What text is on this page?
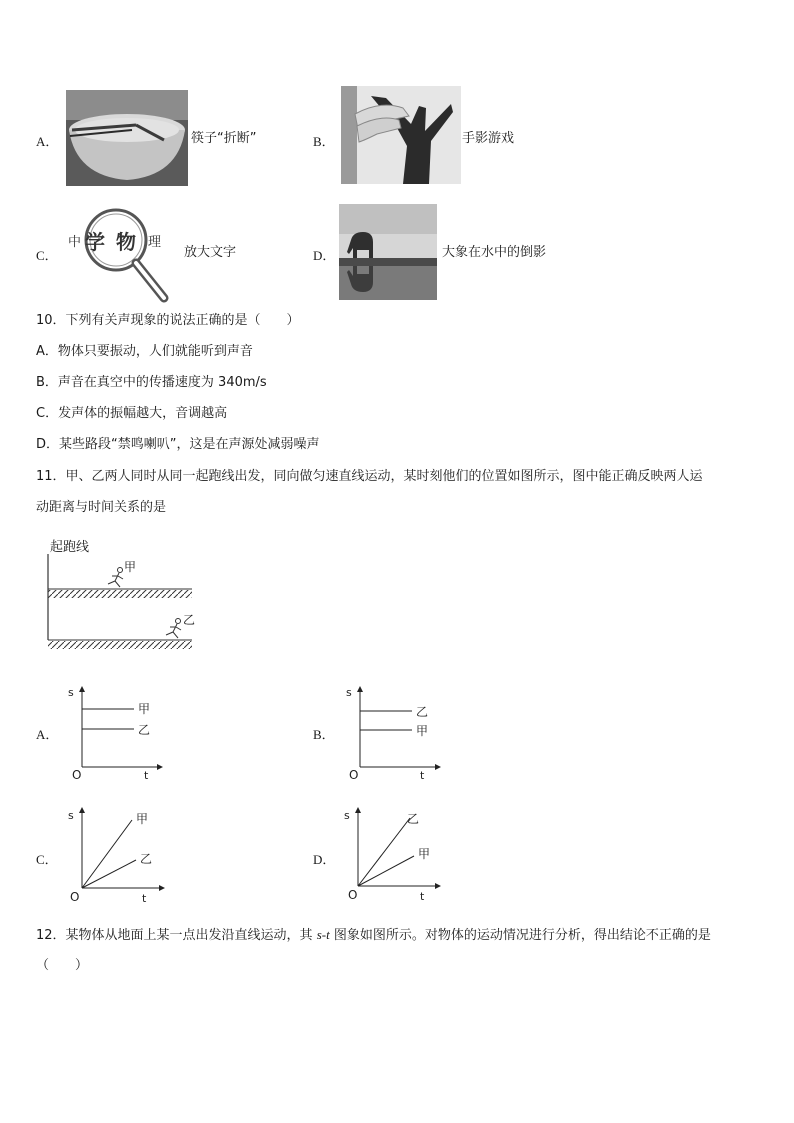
A．	筷子“折断”	B．	手影游戏
C．
中 学 物 理
放大文字	D．	大象在水中的倒影
10．下列有关声现象的说法正确的是（　　）
A．物体只要振动，人们就能听到声音
B．声音在真空中的传播速度为 340m/s
C．发声体的振幅越大，音调越高
D．某些路段“禁鸣喇叭”，这是在声源处减弱噪声
11．甲、乙两人同时从同一起跑线出发，同向做匀速直线运动，某时刻他们的位置如图所示，图中能正确反映两人运
动距离与时间关系的是
起跑线
甲
乙
A．
s
t
O
甲
乙	B．
s
t
O
乙
甲
C．
s
t
O
甲
乙	D．
s
t
O
乙
甲
12．某物体从地面上某一点出发沿直线运动，其 s-t 图象如图所示。对物体的运动情况进行分析，得出结论不正确的是
（　　）
